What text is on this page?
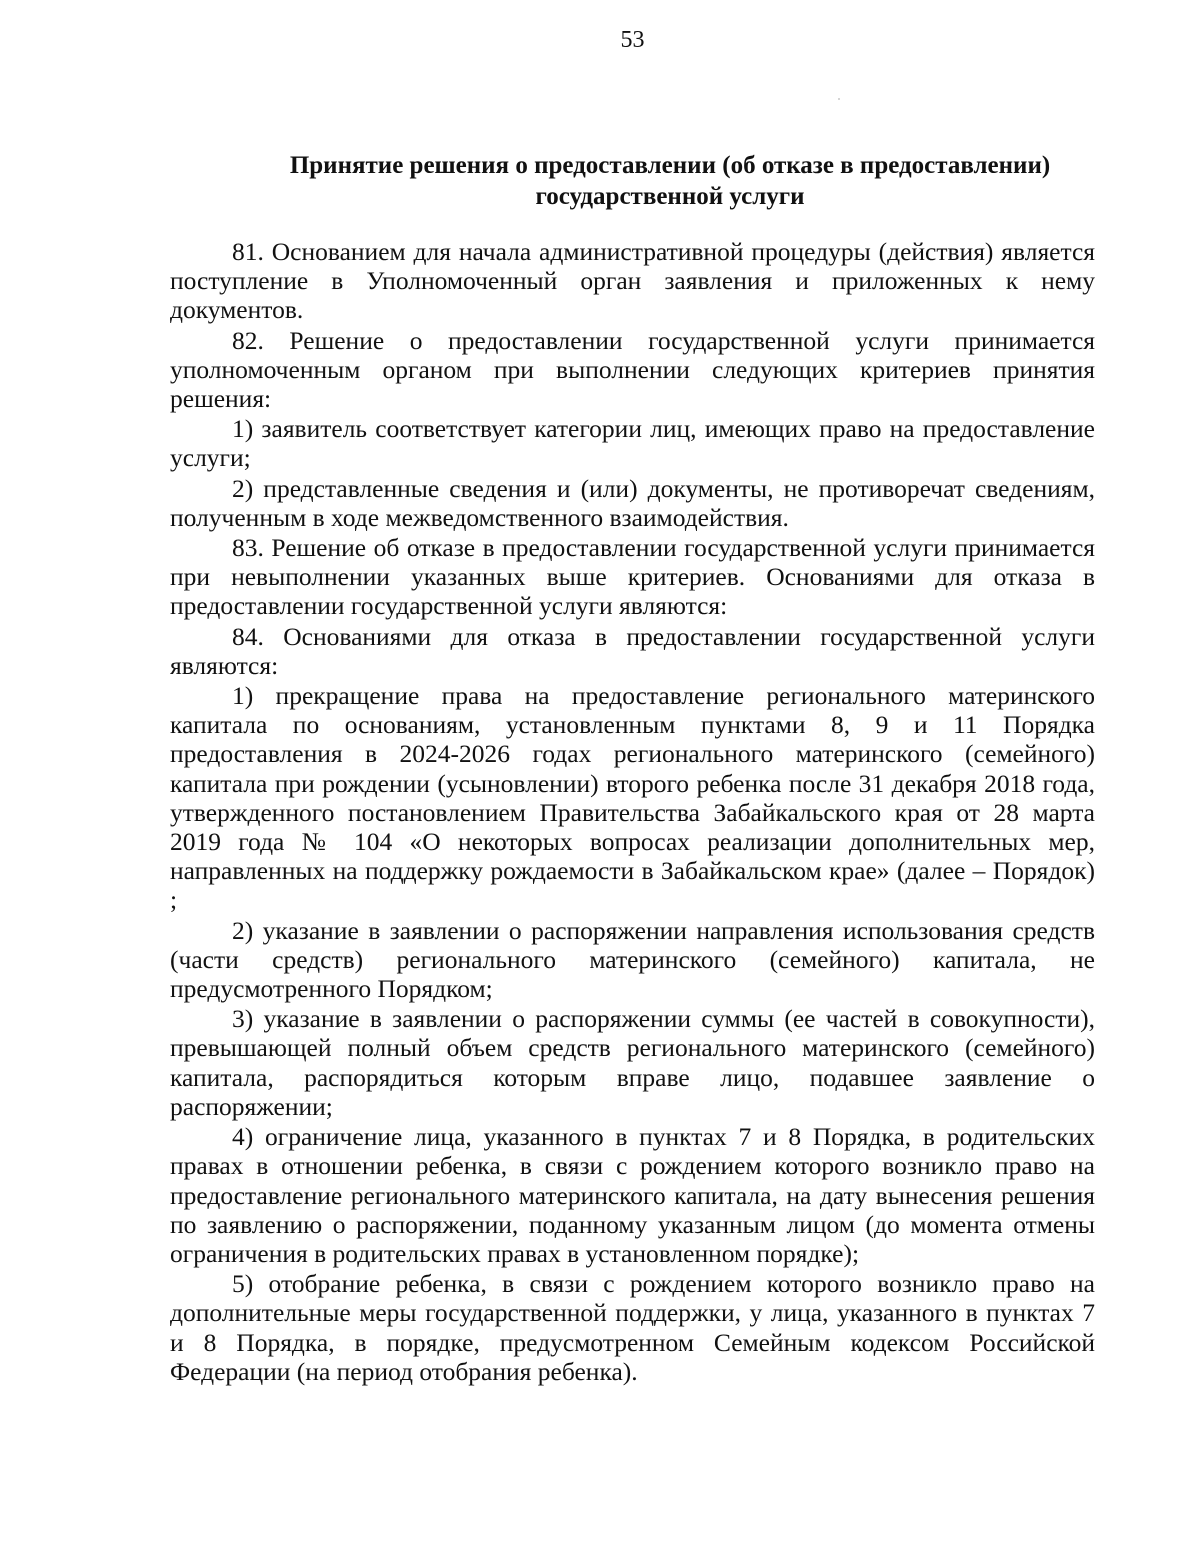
53
Принятие решения о предоставлении (об отказе в предоставлении)
государственной услуги

81. Основанием для начала административной процедуры (действия) является поступление в Уполномоченный орган заявления и приложенных к нему документов.

82. Решение о предоставлении государственной услуги принимается уполномоченным органом при выполнении следующих критериев принятия решения:

1) заявитель соответствует категории лиц, имеющих право на предоставление услуги;

2) представленные сведения и (или) документы, не противоречат сведениям, полученным в ходе межведомственного взаимодействия.

83. Решение об отказе в предоставлении государственной услуги принимается при невыполнении указанных выше критериев. Основаниями для отказа в предоставлении государственной услуги являются:

84. Основаниями для отказа в предоставлении государственной услуги являются:

1) прекращение права на предоставление регионального материнского капитала по основаниям, установленным пунктами 8, 9 и 11 Порядка предоставления в 2024-2026 годах регионального материнского (семейного) капитала при рождении (усыновлении) второго ребенка после 31 декабря 2018 года, утвержденного постановлением Правительства Забайкальского края от 28 марта 2019 года № 104 «О некоторых вопросах реализации дополнительных мер, направленных на поддержку рождаемости в Забайкальском крае» (далее – Порядок) ;

2) указание в заявлении о распоряжении направления использования средств (части средств) регионального материнского (семейного) капитала, не предусмотренного Порядком;

3) указание в заявлении о распоряжении суммы (ее частей в совокупности), превышающей полный объем средств регионального материнского (семейного) капитала, распорядиться которым вправе лицо, подавшее заявление о распоряжении;

4) ограничение лица, указанного в пунктах 7 и 8 Порядка, в родительских правах в отношении ребенка, в связи с рождением которого возникло право на предоставление регионального материнского капитала, на дату вынесения решения по заявлению о распоряжении, поданному указанным лицом (до момента отмены ограничения в родительских правах в установленном порядке);

5) отобрание ребенка, в связи с рождением которого возникло право на дополнительные меры государственной поддержки, у лица, указанного в пунктах 7 и 8 Порядка, в порядке, предусмотренном Семейным кодексом Российской Федерации (на период отобрания ребенка).
